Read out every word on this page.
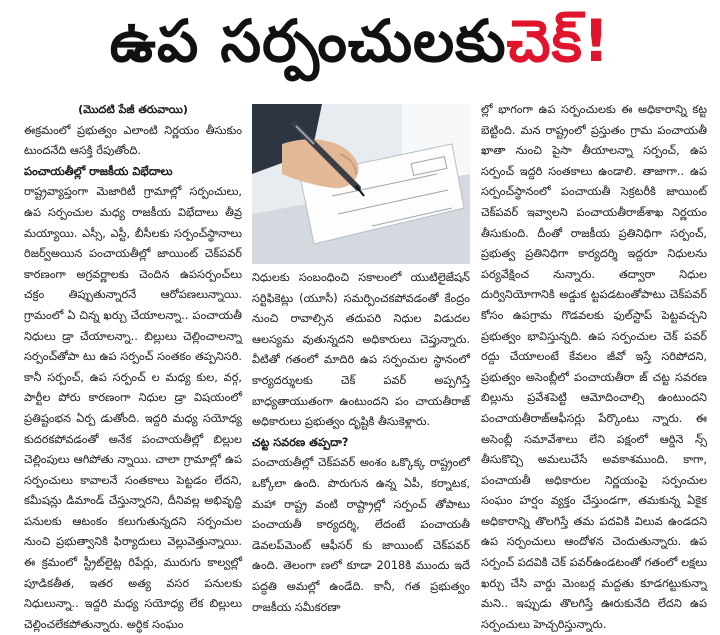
ఉప సర్పంచులకు చెక్!

(మొదటి పేజీ తరువాయి)

ఈక్రమంలో ప్రభుత్వం ఎలాంటి నిర్ణయం తీసుకుం టుందనేది ఆసక్తి రేపుతోంది.

పంచాయతీల్లో రాజకీయ విభేదాలు

రాష్ట్రవ్యాప్తంగా మెజారిటీ గ్రామాల్లో సర్పంచులు, ఉప సర్పంచుల మధ్య రాజకీయ విభేదాలు తీవ్ర మయ్యాయి. ఎస్సీ, ఎస్టీ, బీసీలకు సర్పంచ్‌స్థానాలు రిజర్వ్‌అయిన పంచాయతీల్లో జాయింట్ చెక్‌పవర్ కారణంగా అగ్రవర్ణాలకు చెందిన ఉపసర్పంచ్‌లు చక్రం తిప్పుతున్నారనే ఆరోపణలున్నాయి. గ్రామంలో ఏ చిన్న ఖర్చు చేయాలన్నా.. పంచాయతీ నిధులు డ్రా చేయాలన్నా.. బిల్లులు చెల్లించాలన్నా సర్పంచ్‌తోపా టు ఉప సర్పంచ్ సంతకం తప్పనిసరి. కానీ సర్పంచ్, ఉప సర్పంచ్ ల మధ్య కుల, వర్గ, పార్టీల పోరు కారణంగా నిధుల డ్రా విషయంలో ప్రతిష్టంభన ఏర్ప డుతోంది. ఇద్దరి మధ్య సయోధ్య కుదరకపోవడంతో అనేక పంచాయతీల్లో బిల్లుల చెల్లింపులు ఆగిపోతు న్నాయి. చాలా గ్రామాల్లో ఉప సర్పంచులు కావాలనే సంతకాలు పెట్టడం లేదని, కమీషన్లు డిమాండ్ చేస్తున్నారని, దీనివల్ల అభివృద్ధి పనులకు ఆటంకం కలుగుతున్నదని సర్పంచుల నుంచి ప్రభుత్వానికి ఫిర్యాదులు వెల్లువెత్తున్నాయి. ఈ క్రమంలో స్ట్రీట్‌లైట్ల రిపేర్లు, మురుగు కాల్వల్లో పూడికతీత, ఇతర అత్య వసర పనులకు నిధులున్నా.. ఇద్దరి మధ్య సయోధ్య లేక బిల్లులు చెల్లించలేకపోతున్నారు. అర్థిక సంఘం

నిధులకు సంబంధించి సకాలంలో యుటిలైజేషన్ సర్టిఫికెట్లు (యూసీ) సమర్పించకపోవడంతో కేంద్రం నుంచి రావాల్సిన తదుపరి నిధుల విడుదల ఆలస్యమ వుతున్నదని అధికారులు చెప్తున్నారు. వీటితో గతంలో మాదిరి ఉప సర్పంచుల స్థానంలో కార్యదర్శులకు చెక్ పవర్‌ అప్పగిస్తే బాధ్యతాయుతంగా ఉంటుందని పం చాయతీరాజ్‌ అధికారులు ప్రభుత్వం దృష్టికి తీసుకెళ్లారు.

చట్ట సవరణ తప్పదా?

పంచాయతీల్లో చెక్‌పవర్ అంశం ఒక్కొక్క రాష్ట్రంలో ఒక్కోలా ఉంది. పొరుగున ఉన్న ఏపీ, కర్నాటక, మహా రాష్ట్ర వంటి రాష్ట్రాల్లో సర్పంచ్ తోపాటు పంచాయతీ కార్యదర్శి, లేదంటే పంచాయతీ డెవలప్‌మెంట్ ఆఫీసర్ కు జాయింట్ చెక్‌పవర్ ఉంది. తెలంగా ణలో కూడా 2018కి ముందు ఇదే పద్ధతి అమల్లో ఉండేది. కానీ, గత ప్రభుత్వం రాజకీయ సమీకరణా

ల్లో భాగంగా ఉప సర్పంచులకు ఈ అధికారాన్ని కట్ట బెట్టింది. మన రాష్ట్రంలో ప్రస్తుతం గ్రామ పంచాయతీ ఖాతా నుంచి పైసా తీయాలన్నా సర్పంచ్, ఉప సర్పంచ్ ఇద్దరి సంతకాలు ఉండాలి. తాజాగా.. ఉప సర్పంచ్‌స్థానంలో పంచాయతీ సెక్రటరీకి జాయింట్ చెక్‌పవర్ ఇవ్వాలని పంచాయతీరాజ్‌శాఖ నిర్ణయం తీసుకుంది. దీంతో రాజకీయ ప్రతినిధిగా సర్పంచ్, ప్రభుత్వ ప్రతినిధిగా కార్యదర్శి ఇద్దరూ నిధులను పర్యవేక్షించ నున్నారు. తద్వారా నిధుల దుర్వినియోగానికి అడ్డుక ట్టపడటంతోపాటు చెక్‌పవర్ కోసం ఉపగ్రామ గొడవలకు ఫుల్‌స్టాప్ పెట్టవచ్చని ప్రభుత్వం భావిస్తున్నది. ఉప సర్పంచుల చెక్ పవర్ రద్దు చేయాలంటే కేవలం జీవో ఇస్తే సరిపోదని, ప్రభుత్వం అసెంబ్లీలో పంచాయతీరా జ్ చట్ట సవరణ బిల్లును ప్రవేశపెట్టి ఆమోదించాల్సి ఉంటుందని పంచాయతీరాజ్‌ఆఫీసర్లు పేర్కొంటు న్నారు. ఈ అసెంబ్లీ సమావేశాలు లేని పక్షంలో ఆర్డినె న్స్ తీసుకొచ్చి అమలుచేసే అవకాశముంది. కాగా, పంచాయతీ అధికారుల నిర్ణయంపై సర్పంచుల సంఘం హర్షం వ్యక్తం చేస్తుండగా, తమకున్న ఏకైక అధికారాన్ని తొలగిస్తే తమ పదవికి విలువ ఉండదని ఉప సర్పంచులు ఆందోళన చెందుతున్నారు. ఉప సర్పంచ్ పదవికి చెక్ పవర్‌ఉండటంతో గతంలో లక్షలు ఖర్చు చేసి వార్డు మెంబర్ల మద్దతు కూడగట్టుకున్నా మని.. ఇప్పుడు తొలగిస్తే ఊరుకునేది లేదని ఉప సర్పంచులు హెచ్చరిస్తున్నారు.
